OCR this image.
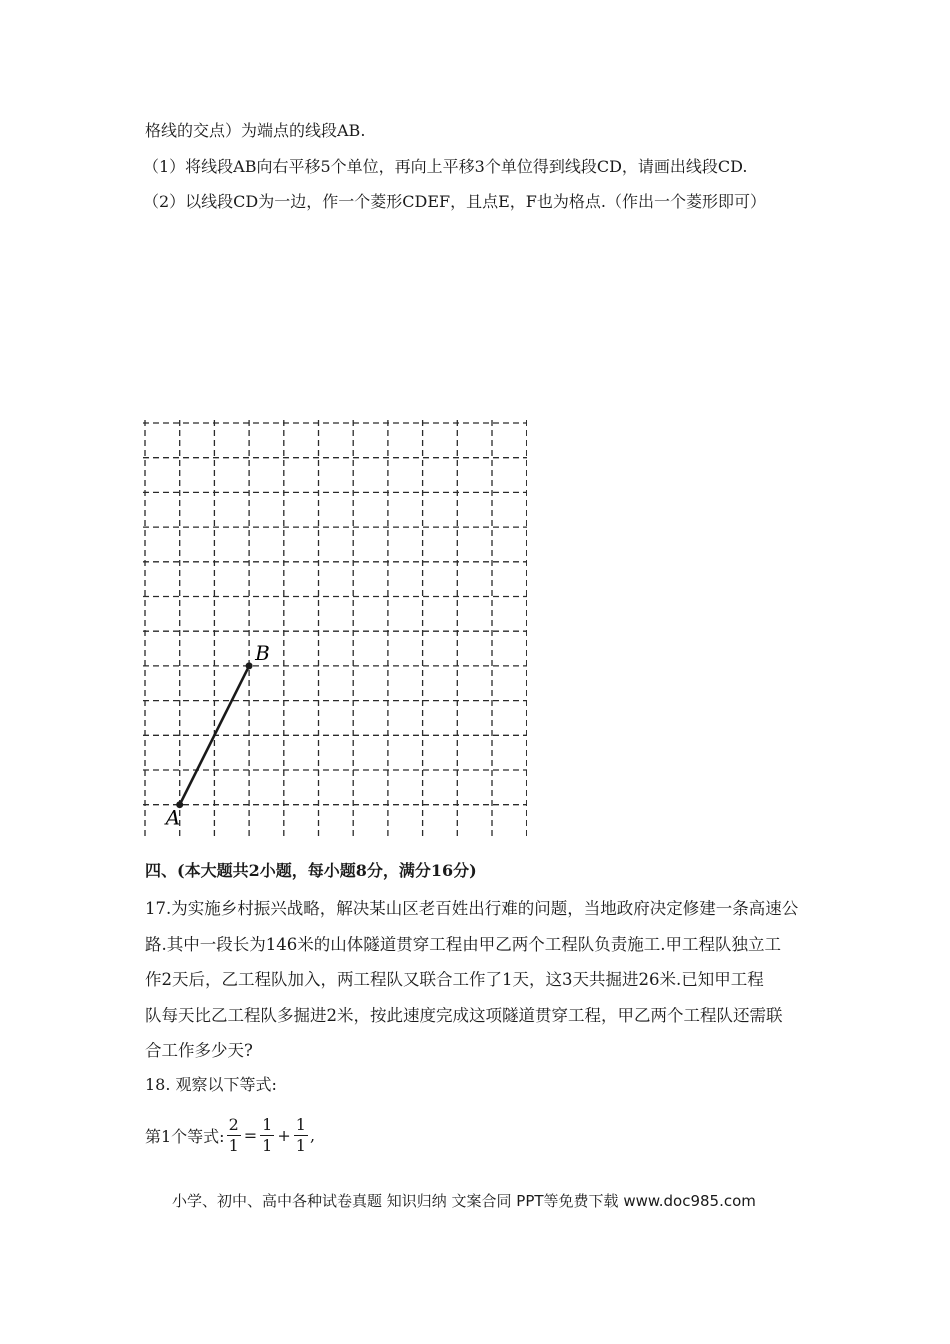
格线的交点）为端点的线段AB.
（1）将线段AB向右平移5个单位，再向上平移3个单位得到线段CD，请画出线段CD.
（2）以线段CD为一边，作一个菱形CDEF，且点E，F也为格点.（作出一个菱形即可）
A
B
四、(本大题共2小题，每小题8分，满分16分)
17.为实施乡村振兴战略，解决某山区老百姓出行难的问题，当地政府决定修建一条高速公
路.其中一段长为146米的山体隧道贯穿工程由甲乙两个工程队负责施工.甲工程队独立工
作2天后，乙工程队加入，两工程队又联合工作了1天，这3天共掘进26米.已知甲工程
队每天比乙工程队多掘进2米，按此速度完成这项隧道贯穿工程，甲乙两个工程队还需联
合工作多少天?
18. 观察以下等式:
第1个等式: $\frac{2}{1} = \frac{1}{1} + \frac{1}{1}$ ,
小学、初中、高中各种试卷真题 知识归纳 文案合同 PPT等免费下载 www.doc985.com
